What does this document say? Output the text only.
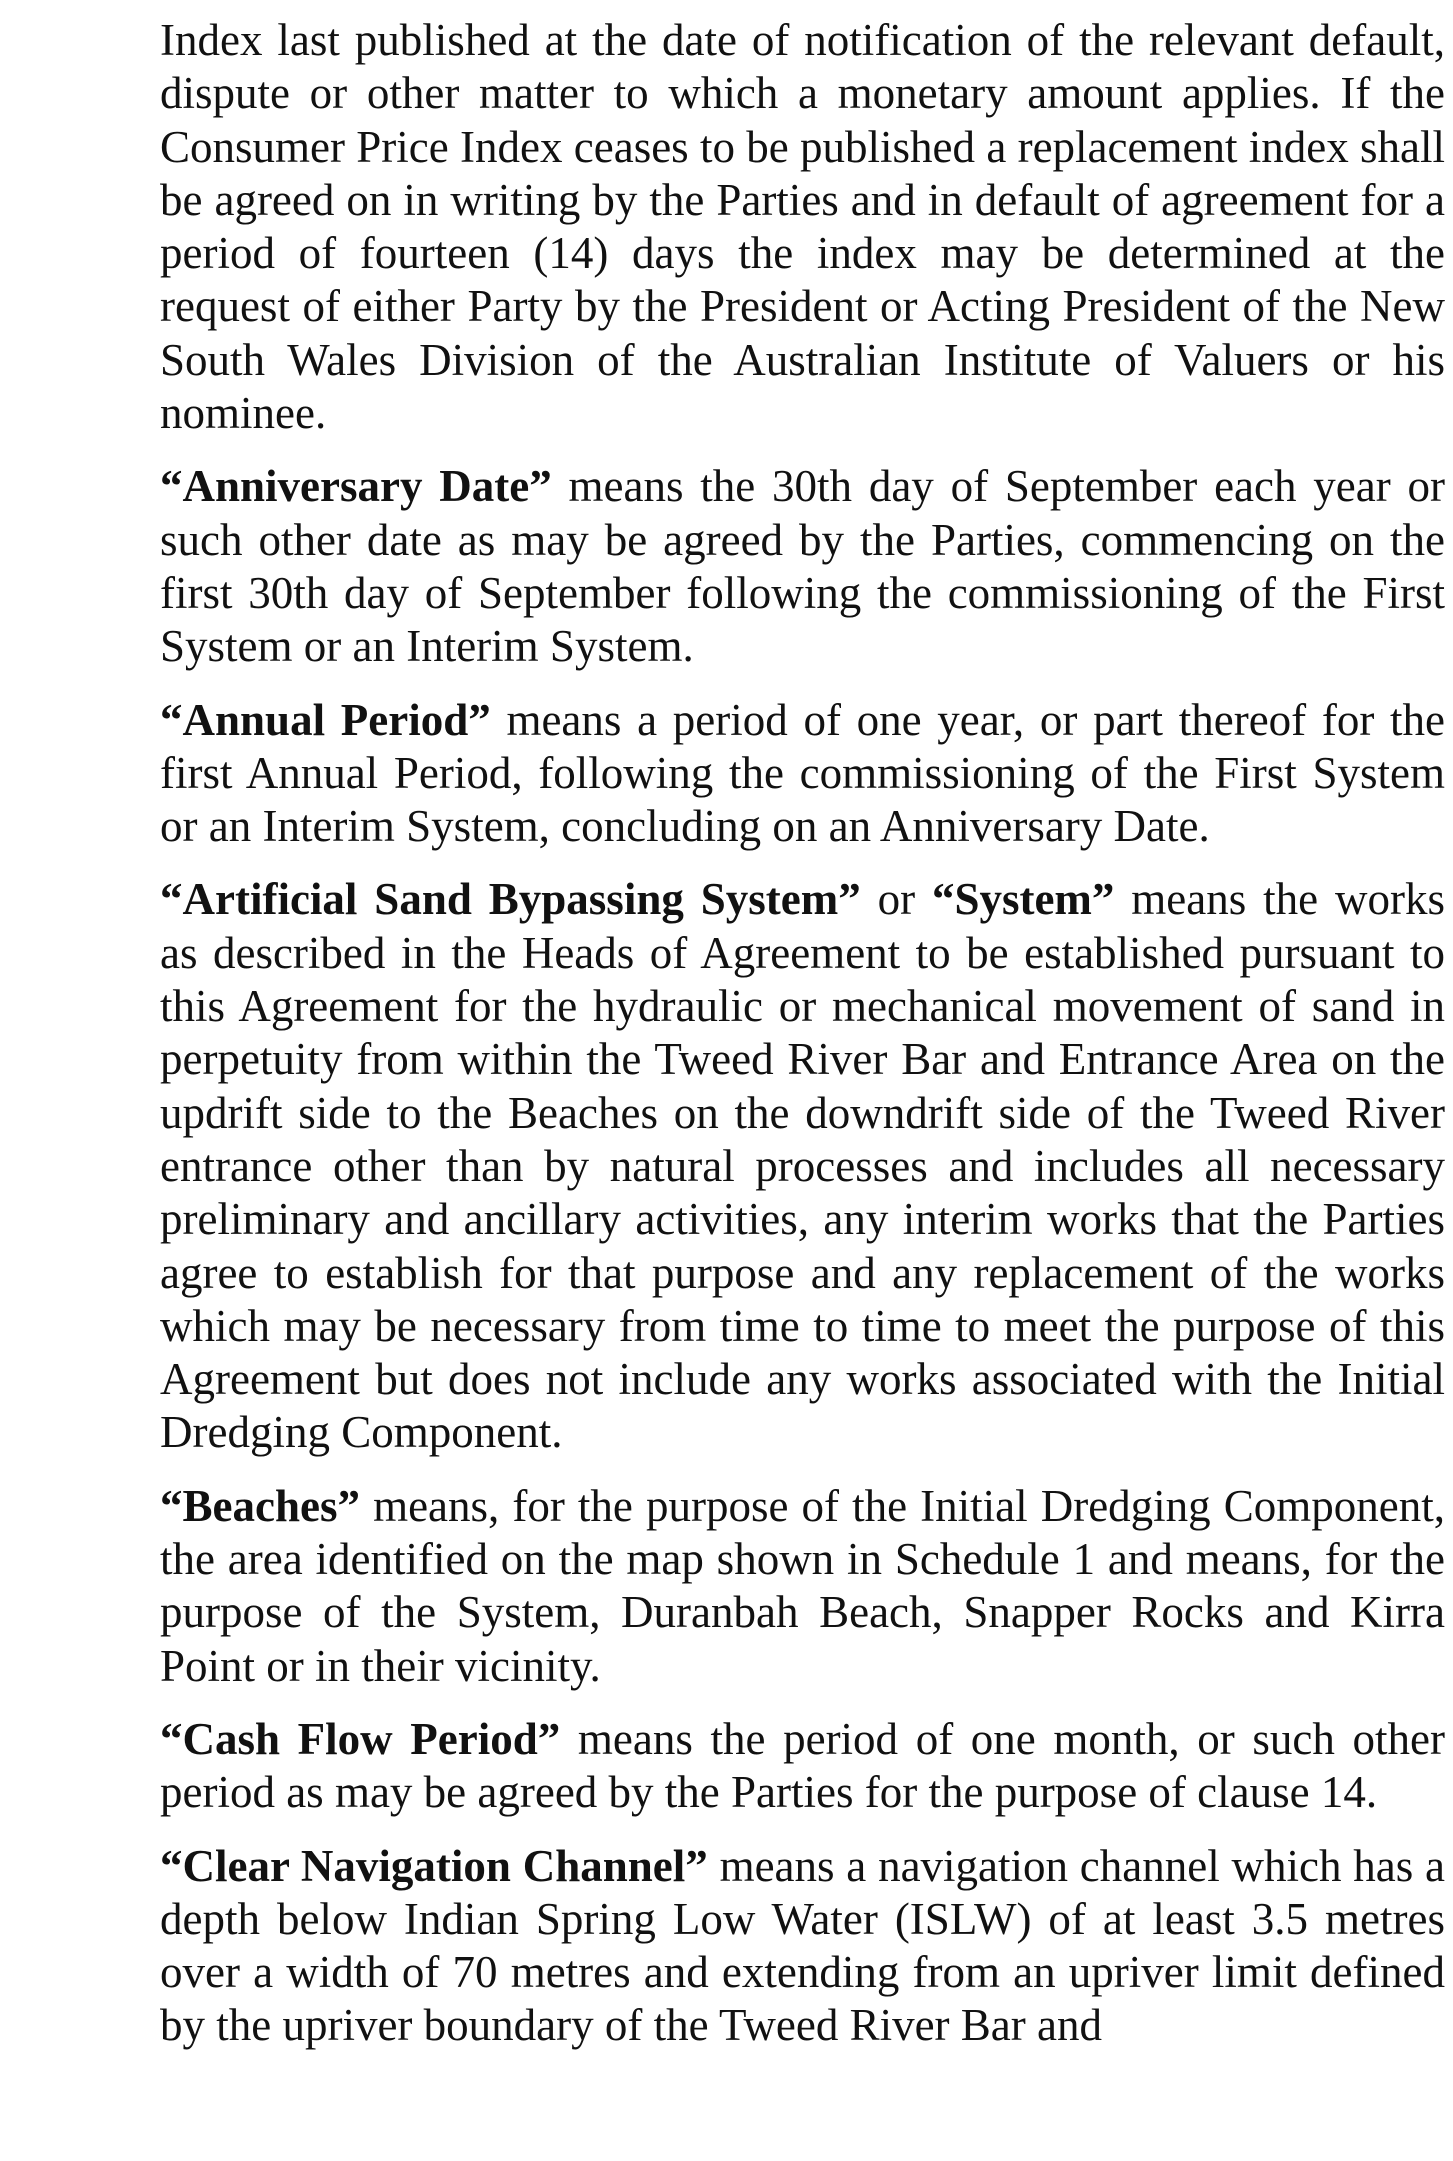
Index last published at the date of notification of the relevant default, dispute or other matter to which a monetary amount applies. If the Consumer Price Index ceases to be published a replacement index shall be agreed on in writing by the Parties and in default of agreement for a period of fourteen (14) days the index may be determined at the request of either Party by the President or Acting President of the New South Wales Division of the Australian Institute of Valuers or his nominee.

“Anniversary Date” means the 30th day of September each year or such other date as may be agreed by the Parties, commencing on the first 30th day of September following the commissioning of the First System or an Interim System.

“Annual Period” means a period of one year, or part thereof for the first Annual Period, following the commissioning of the First System or an Interim System, concluding on an Anniversary Date.

“Artificial Sand Bypassing System” or “System” means the works as described in the Heads of Agreement to be established pursuant to this Agreement for the hydraulic or mechanical movement of sand in perpetuity from within the Tweed River Bar and Entrance Area on the updrift side to the Beaches on the downdrift side of the Tweed River entrance other than by natural processes and includes all necessary preliminary and ancillary activities, any interim works that the Parties agree to establish for that purpose and any replacement of the works which may be necessary from time to time to meet the purpose of this Agreement but does not include any works associated with the Initial Dredging Component.

“Beaches” means, for the purpose of the Initial Dredging Component, the area identified on the map shown in Schedule 1 and means, for the purpose of the System, Duranbah Beach, Snapper Rocks and Kirra Point or in their vicinity.

“Cash Flow Period” means the period of one month, or such other period as may be agreed by the Parties for the purpose of clause 14.

“Clear Navigation Channel” means a navigation channel which has a depth below Indian Spring Low Water (ISLW) of at least 3.5 metres over a width of 70 metres and extending from an upriver limit defined by the upriver boundary of the Tweed River Bar and
